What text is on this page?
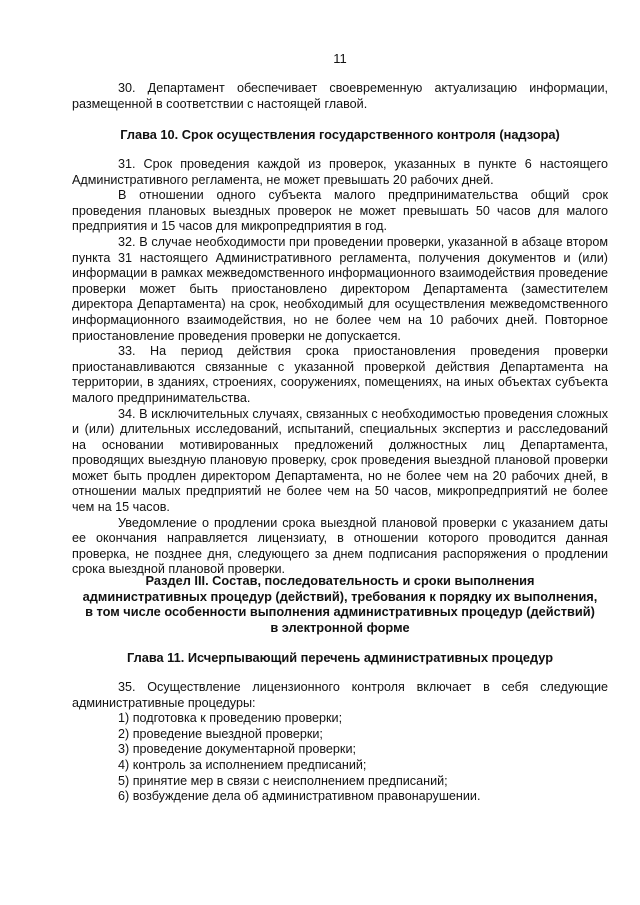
11

30. Департамент обеспечивает своевременную актуализацию информации, размещенной в соответствии с настоящей главой.

Глава 10. Срок осуществления государственного контроля (надзора)

31. Срок проведения каждой из проверок, указанных в пункте 6 настоящего Административного регламента, не может превышать 20 рабочих дней.

В отношении одного субъекта малого предпринимательства общий срок проведения плановых выездных проверок не может превышать 50 часов для малого предприятия и 15 часов для микропредприятия в год.

32. В случае необходимости при проведении проверки, указанной в абзаце втором пункта 31 настоящего Административного регламента, получения документов и (или) информации в рамках межведомственного информационного взаимодействия проведение проверки может быть приостановлено директором Департамента (заместителем директора Департамента) на срок, необходимый для осуществления межведомственного информационного взаимодействия, но не более чем на 10 рабочих дней. Повторное приостановление проведения проверки не допускается.

33. На период действия срока приостановления проведения проверки приостанавливаются связанные с указанной проверкой действия Департамента на территории, в зданиях, строениях, сооружениях, помещениях, на иных объектах субъекта малого предпринимательства.

34. В исключительных случаях, связанных с необходимостью проведения сложных и (или) длительных исследований, испытаний, специальных экспертиз и расследований на основании мотивированных предложений должностных лиц Департамента, проводящих выездную плановую проверку, срок проведения выездной плановой проверки может быть продлен директором Департамента, но не более чем на 20 рабочих дней, в отношении малых предприятий не более чем на 50 часов, микропредприятий не более чем на 15 часов.

Уведомление о продлении срока выездной плановой проверки с указанием даты ее окончания направляется лицензиату, в отношении которого проводится данная проверка, не позднее дня, следующего за днем подписания распоряжения о продлении срока выездной плановой проверки.

Раздел III. Состав, последовательность и сроки выполнения
административных процедур (действий), требования к порядку их выполнения,
в том числе особенности выполнения административных процедур (действий)
в электронной форме
Глава 11. Исчерпывающий перечень административных процедур

35. Осуществление лицензионного контроля включает в себя следующие административные процедуры:

1) подготовка к проведению проверки;
2) проведение выездной проверки;
3) проведение документарной проверки;
4) контроль за исполнением предписаний;
5) принятие мер в связи с неисполнением предписаний;
6) возбуждение дела об административном правонарушении.
